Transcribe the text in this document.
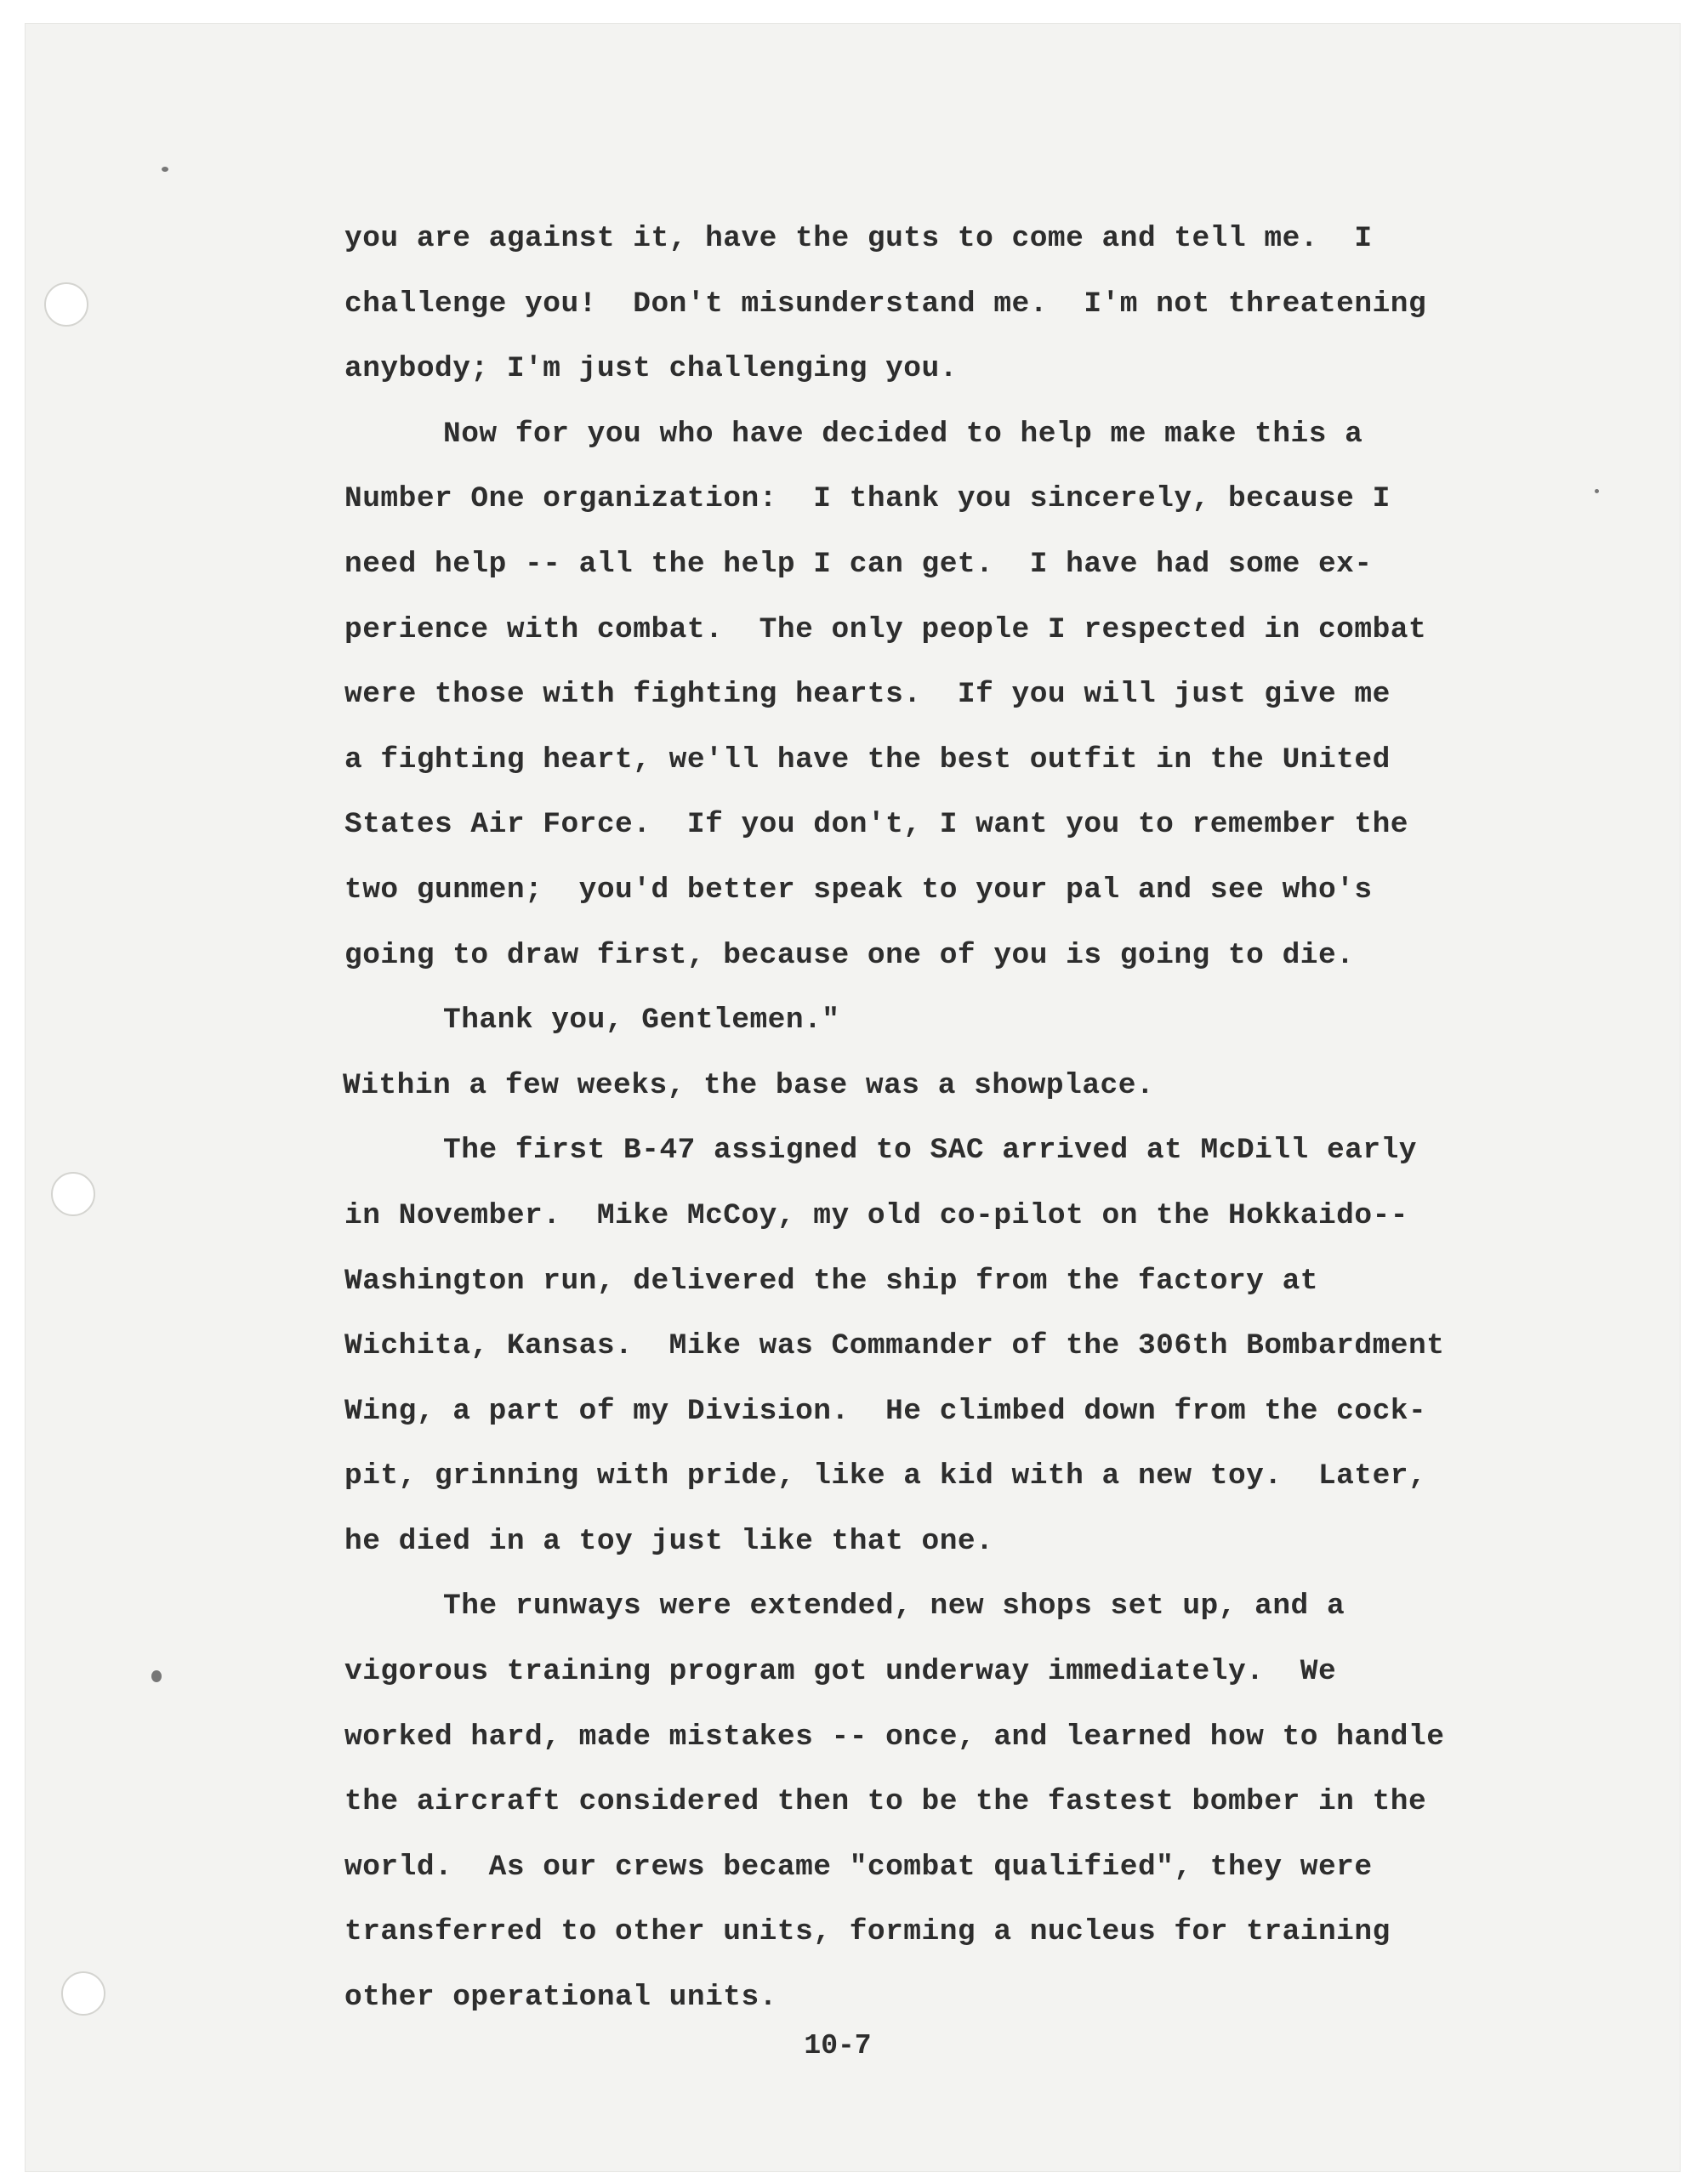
you are against it, have the guts to come and tell me.  I
challenge you!  Don't misunderstand me.  I'm not threatening
anybody; I'm just challenging you.
Now for you who have decided to help me make this a
Number One organization:  I thank you sincerely, because I
need help -- all the help I can get.  I have had some ex-
perience with combat.  The only people I respected in combat
were those with fighting hearts.  If you will just give me
a fighting heart, we'll have the best outfit in the United
States Air Force.  If you don't, I want you to remember the
two gunmen;  you'd better speak to your pal and see who's
going to draw first, because one of you is going to die.
Thank you, Gentlemen."
Within a few weeks, the base was a showplace.
The first B-47 assigned to SAC arrived at McDill early
in November.  Mike McCoy, my old co-pilot on the Hokkaido--
Washington run, delivered the ship from the factory at
Wichita, Kansas.  Mike was Commander of the 306th Bombardment
Wing, a part of my Division.  He climbed down from the cock-
pit, grinning with pride, like a kid with a new toy.  Later,
he died in a toy just like that one.
The runways were extended, new shops set up, and a
vigorous training program got underway immediately.  We
worked hard, made mistakes -- once, and learned how to handle
the aircraft considered then to be the fastest bomber in the
world.  As our crews became "combat qualified", they were
transferred to other units, forming a nucleus for training
other operational units.
10-7
